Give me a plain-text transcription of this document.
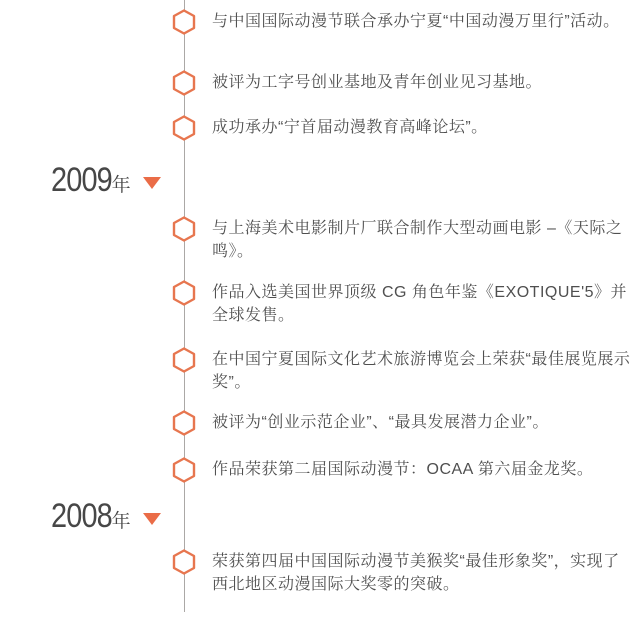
与中国国际动漫节联合承办宁夏“中国动漫万里行”活动。

被评为工字号创业基地及青年创业见习基地。

成功承办“宁首届动漫教育高峰论坛”。

2009 年

与上海美术电影制片厂联合制作大型动画电影 –《天际之鸣》。

作品入选美国世界顶级 CG 角色年鉴《EXOTIQUE'5》并全球发售。

在中国宁夏国际文化艺术旅游博览会上荣获“最佳展览展示奖”。

被评为“创业示范企业”、“最具发展潜力企业”。

作品荣获第二届国际动漫节：OCAA 第六届金龙奖。

2008 年

荣获第四届中国国际动漫节美猴奖“最佳形象奖”，实现了西北地区动漫国际大奖零的突破。
